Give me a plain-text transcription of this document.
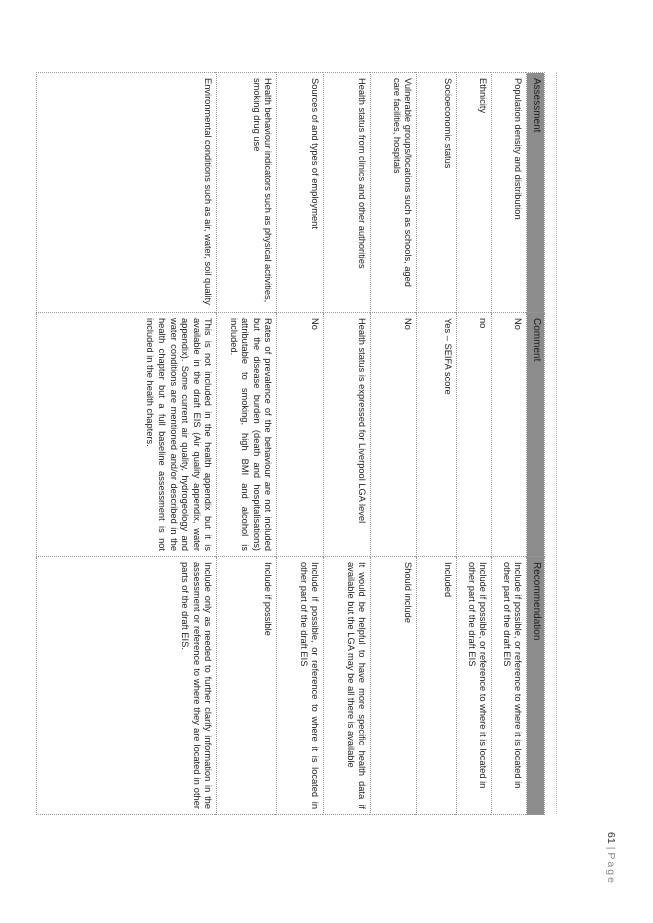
Assessment	Comment	Recommendation
Population density and distribution	No	Include if possible, or reference to where it is located in other part of the draft EIS
Ethnicity	no	Include if possible, or reference to where it is located in other part of the draft EIS
Socioeconomic status	Yes – SEIFA score	Included
Vulnerable groups/locations such as schools, aged care facilities, hospitals	No	Should include
Health status from clinics and other authorities	Health status is expressed for Liverpool LGA level	It would be helpful to have more specific health data if available but the LGA may be all there is available
Sources of and types of employment	No	Include if possible, or reference to where it is located in other part of the draft EIS
Health behaviour indicators such as physical activities, smoking drug use	Rates of prevalence of the behaviour are not included but the disease burden (death and hospitalisations) attributable to smoking, high BMI and alcohol is included.	Include if possible
Environmental conditions such as air, water, soil quality	This is not included in the health appendix but it is available in the draft EIS (Air quality appendix, water appendix). Some current air quality, hydrogeology and water conditions are mentioned and/or described in the health chapter but a full baseline assessment is not included in the health chapters.	Include only as needed to further clarify information in the assessment or reference to where they are located in other parts of the draft EIS.
61|Page
